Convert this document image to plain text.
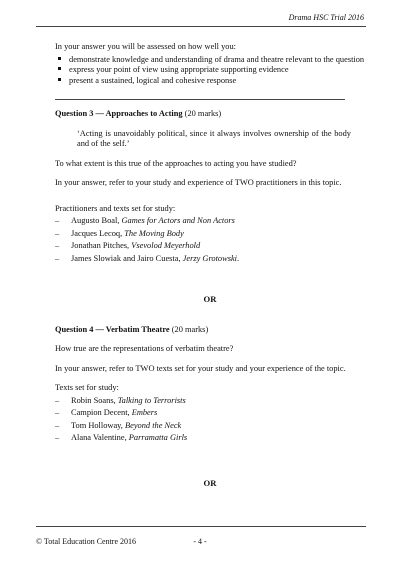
Drama HSC Trial 2016

In your answer you will be assessed on how well you:

demonstrate knowledge and understanding of drama and theatre relevant to the question
express your point of view using appropriate supporting evidence
present a sustained, logical and cohesive response

Question 3 — Approaches to Acting (20 marks)

‘Acting is unavoidably political, since it always involves ownership of the body and of the self.’

To what extent is this true of the approaches to acting you have studied?

In your answer, refer to your study and experience of TWO practitioners in this topic.

Practitioners and texts set for study:

– Augusto Boal, Games for Actors and Non Actors
– Jacques Lecoq, The Moving Body
– Jonathan Pitches, Vsevolod Meyerhold
– James Slowiak and Jairo Cuesta, Jerzy Grotowski.

OR

Question 4 — Verbatim Theatre (20 marks)

How true are the representations of verbatim theatre?

In your answer, refer to TWO texts set for your study and your experience of the topic.

Texts set for study:

– Robin Soans, Talking to Terrorists
– Campion Decent, Embers
– Tom Holloway, Beyond the Neck
– Alana Valentine, Parramatta Girls

OR

- 4 -
© Total Education Centre 2016
